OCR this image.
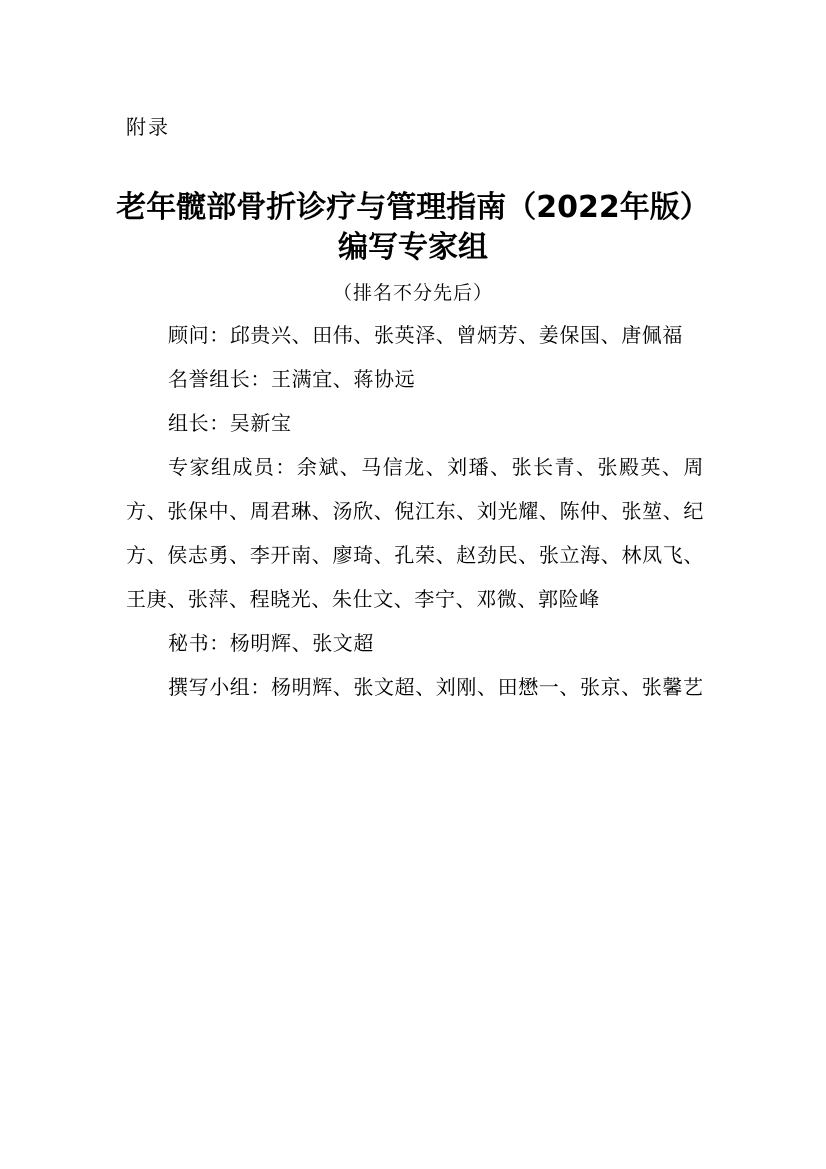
附录
老年髋部骨折诊疗与管理指南（2022年版）
编写专家组
（排名不分先后）

顾问：邱贵兴、田伟、张英泽、曾炳芳、姜保国、唐佩福

名誉组长：王满宜、蒋协远

组长：吴新宝

专家组成员：余斌、马信龙、刘璠、张长青、张殿英、周方、张保中、周君琳、汤欣、倪江东、刘光耀、陈仲、张堃、纪方、侯志勇、李开南、廖琦、孔荣、赵劲民、张立海、林凤飞、王庚、张萍、程晓光、朱仕文、李宁、邓微、郭险峰

秘书：杨明辉、张文超

撰写小组：杨明辉、张文超、刘刚、田懋一、张京、张馨艺
